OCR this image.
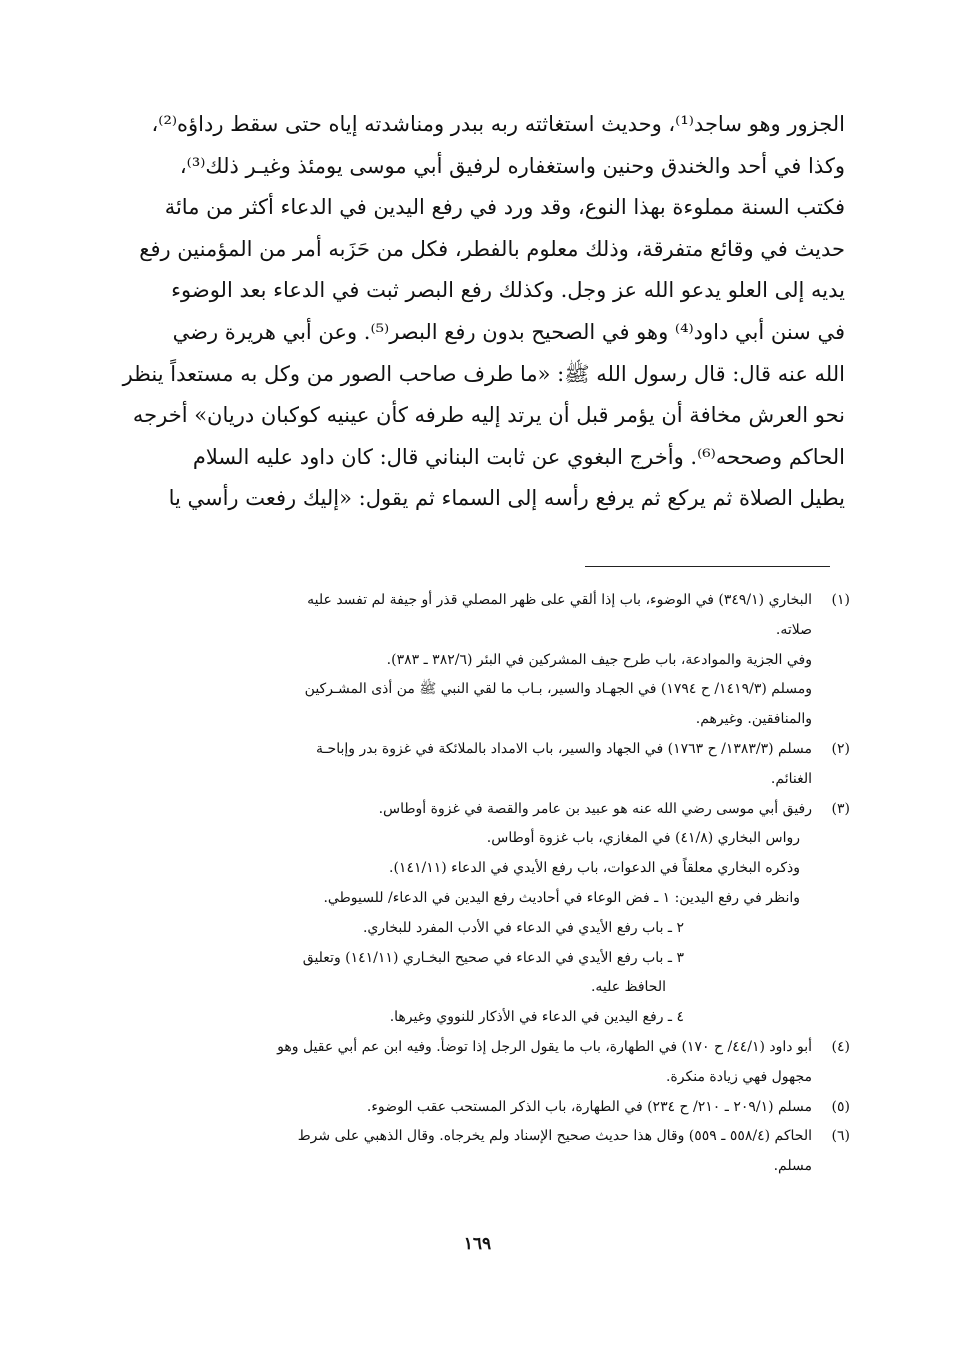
الجزور وهو ساجد⁽¹⁾، وحديث استغاثته ربه ببدر ومناشدته إياه حتى سقط رداؤه⁽²⁾،
وكذا في أحد والخندق وحنين واستغفاره لرفيق أبي موسى يومئذ وغيـر ذلك⁽³⁾،
فكتب السنة مملوءة بهذا النوع، وقد ورد في رفع اليدين في الدعاء أكثر من مائة
حديث في وقائع متفرقة، وذلك معلوم بالفطر، فكل من حَزَبه أمر من المؤمنين رفع
يديه إلى العلو يدعو الله عز وجل. وكذلك رفع البصر ثبت في الدعاء بعد الوضوء
في سنن أبي داود⁽⁴⁾ وهو في الصحيح بدون رفع البصر⁽⁵⁾. وعن أبي هريرة رضي
الله عنه قال: قال رسول الله ﷺ: «ما طرف صاحب الصور من وكل به مستعداً ينظر
نحو العرش مخافة أن يؤمر قبل أن يرتد إليه طرفه كأن عينيه كوكبان دريان» أخرجه
الحاكم وصححه⁽⁶⁾. وأخرج البغوي عن ثابت البناني قال: كان داود عليه السلام
يطيل الصلاة ثم يركع ثم يرفع رأسه إلى السماء ثم يقول: «إليك رفعت رأسي يا
(١)
البخاري (٣٤٩/١) في الوضوء، باب إذا ألقي على ظهر المصلي قذر أو جيفة لم تفسد عليه
صلاته.
وفي الجزية والموادعة، باب طرح جيف المشركين في البئر (٣٨٢/٦ ـ ٣٨٣).
ومسلم (١٤١٩/٣/ ح ١٧٩٤) في الجهـاد والسير، بـاب ما لقي النبي ﷺ من أذى المشـركين
والمنافقين. وغيرهم.
(٢)
مسلم (١٣٨٣/٣/ ح ١٧٦٣) في الجهاد والسير، باب الامداد بالملائكة في غزوة بدر وإباحـة
الغنائم.
(٣)
رفيق أبي موسى رضي الله عنه هو عبيد بن عامر والقصة في غزوة أوطاس.
رواس البخاري (٤١/٨) في المغازي، باب غزوة أوطاس.
وذكره البخاري معلقاً في الدعوات، باب رفع الأيدي في الدعاء (١٤١/١١).
وانظر في رفع اليدين: ١ ـ فض الوعاء في أحاديث رفع اليدين في الدعاء/ للسيوطي.
٢ ـ باب رفع الأيدي في الدعاء في الأدب المفرد للبخاري.
٣ ـ باب رفع الأيدي في الدعاء في صحيح البخـاري (١٤١/١١) وتعليق
الحافظ عليه.
٤ ـ رفع اليدين في الدعاء في الأذكار للنووي وغيرها.
(٤)
أبو داود (٤٤/١/ ح ١٧٠) في الطهارة، باب ما يقول الرجل إذا توضأ. وفيه ابن عم أبي عقيل وهو
مجهول فهي زيادة منكرة.
(٥)
مسلم (٢٠٩/١ ـ ٢١٠/ ح ٢٣٤) في الطهارة، باب الذكر المستحب عقب الوضوء.
(٦)
الحاكم (٥٥٨/٤ ـ ٥٥٩) وقال هذا حديث صحيح الإسناد ولم يخرجاه. وقال الذهبي على شرط
مسلم.
١٦٩
